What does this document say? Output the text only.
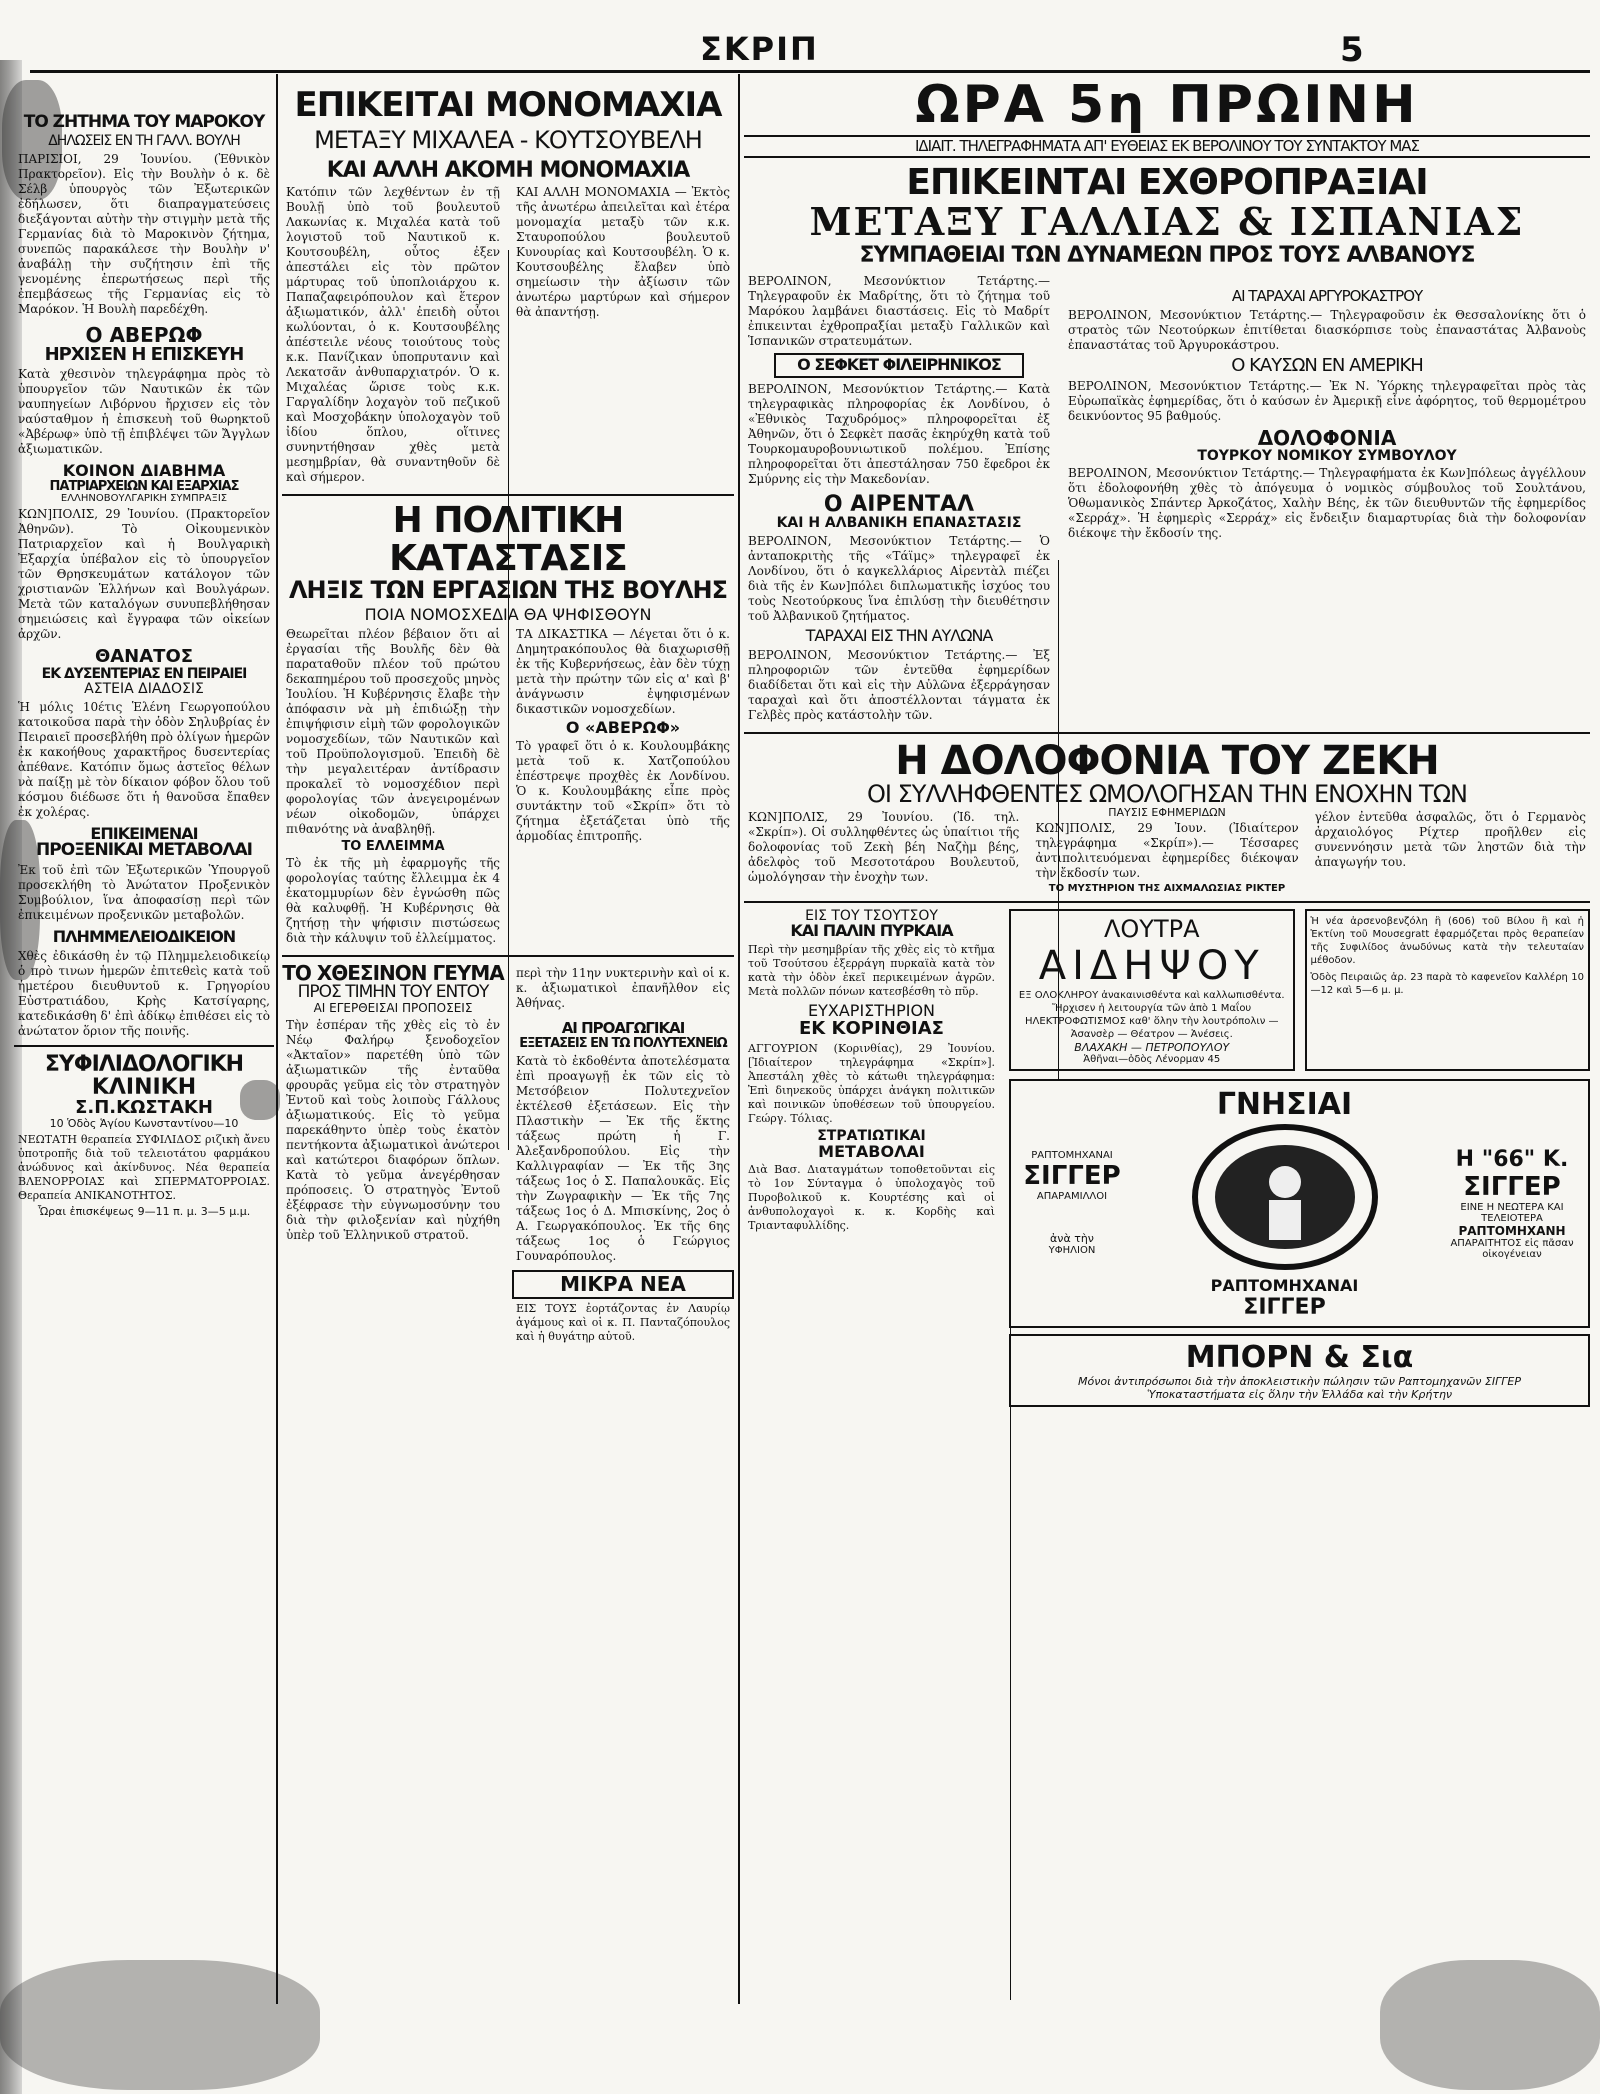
ΣΚΡΙΠ	5
ΤΟ ΖΗΤΗΜΑ ΤΟΥ ΜΑΡΟΚΟΥ
ΔΗΛΩΣΕΙΣ ΕΝ ΤΗ ΓΑΛΛ. ΒΟΥΛΗ

ΠΑΡΙΣΙΟΙ, 29 Ἰουνίου. (Ἐθνικὸν Πρακτορεῖον). Εἰς τὴν Βουλὴν ὁ κ. δὲ Σέλβ ὑπουργὸς τῶν Ἐξωτερικῶν ἐδήλωσεν, ὅτι διαπραγματεύσεις διεξάγονται αὐτὴν τὴν στιγμὴν μετὰ τῆς Γερμανίας διὰ τὸ Μαροκινὸν ζήτημα, συνεπῶς παρακάλεσε τὴν Βουλὴν ν' ἀναβάλῃ τὴν συζήτησιν ἐπὶ τῆς γενομένης ἐπερωτήσεως περὶ τῆς ἐπεμβάσεως τῆς Γερμανίας εἰς τὸ Μαρόκον. Ἡ Βουλὴ παρεδέχθη.

Ο ΑΒΕΡΩΦ
ΗΡΧΙΣΕΝ Η ΕΠΙΣΚΕΥΗ

Κατὰ χθεσινὸν τηλεγράφημα πρὸς τὸ ὑπουργεῖον τῶν Ναυτικῶν ἐκ τῶν ναυπηγείων Λιβόρνου ἤρχισεν εἰς τὸν ναύσταθμον ἡ ἐπισκευὴ τοῦ θωρηκτοῦ «Ἀβέρωφ» ὑπὸ τῇ ἐπιβλέψει τῶν Ἄγγλων ἀξιωματικῶν.

ΚΟΙΝΟΝ ΔΙΑΒΗΜΑ
ΠΑΤΡΙΑΡΧΕΙΩΝ ΚΑΙ ΕΞΑΡΧΙΑΣ
ΕΛΛΗΝΟΒΟΥΛΓΑΡΙΚΗ ΣΥΜΠΡΑΞΙΣ

ΚΩΝ]ΠΟΛΙΣ, 29 Ἰουνίου. (Πρακτορεῖον Ἀθηνῶν). Τὸ Οἰκουμενικὸν Πατριαρχεῖον καὶ ἡ Βουλγαρικὴ Ἐξαρχία ὑπέβαλον εἰς τὸ ὑπουργεῖον τῶν Θρησκευμάτων κατάλογον τῶν χριστιανῶν Ἑλλήνων καὶ Βουλγάρων. Μετὰ τῶν καταλόγων συνυπεβλήθησαν σημειώσεις καὶ ἔγγραφα τῶν οἰκείων ἀρχῶν.

ΘΑΝΑΤΟΣ
ΕΚ ΔΥΣΕΝΤΕΡΙΑΣ ΕΝ ΠΕΙΡΑΙΕΙ
ΑΣΤΕΙΑ ΔΙΑΔΟΣΙΣ

Ἡ μόλις 10έτις Ἑλένη Γεωργοπούλου κατοικοῦσα παρὰ τὴν ὁδὸν Σηλυβρίας ἐν Πειραιεῖ προσεβλήθη πρὸ ὀλίγων ἡμερῶν ἐκ κακοήθους χαρακτῆρος δυσεντερίας ἀπέθανε. Κατόπιν ὅμως ἀστεῖος θέλων νὰ παίξῃ μὲ τὸν δίκαιον φόβον ὅλου τοῦ κόσμου διέδωσε ὅτι ἡ θανοῦσα ἔπαθεν ἐκ χολέρας.

ΕΠΙΚΕΙΜΕΝΑΙ
ΠΡΟΞΕΝΙΚΑΙ ΜΕΤΑΒΟΛΑΙ

Ἐκ τοῦ ἐπὶ τῶν Ἐξωτερικῶν Ὑπουργοῦ προσεκλήθη τὸ Ἀνώτατον Προξενικὸν Συμβούλιον, ἵνα ἀποφασίσῃ περὶ τῶν ἐπικειμένων προξενικῶν μεταβολῶν.

ΠΛΗΜΜΕΛΕΙΟΔΙΚΕΙΟΝ

Χθὲς ἐδικάσθη ἐν τῷ Πλημμελειοδικείῳ ὁ πρὸ τινων ἡμερῶν ἐπιτεθεὶς κατὰ τοῦ ἡμετέρου διευθυντοῦ κ. Γρηγορίου Εὐστρατιάδου, Κρὴς Κατσίγαρης, κατεδικάσθη δ' ἐπὶ ἀδίκῳ ἐπιθέσει εἰς τὸ ἀνώτατον ὅριον τῆς ποινῆς.

ΣΥΦΙΛΙΔΟΛΟΓΙΚΗ
ΚΛΙΝΙΚΗ
Σ.Π.ΚΩΣΤΑΚΗ
10 Ὁδὸς Ἁγίου Κωνσταντίνου—10

ΝΕΩΤΑΤΗ θεραπεία ΣΥΦΙΛΙΔΟΣ ριζικὴ ἄνευ ὑποτροπῆς διὰ τοῦ τελειοτάτου φαρμάκου ἀνώδυνος καὶ ἀκίνδυνος. Νέα θεραπεία ΒΛΕΝΟΡΡΟΙΑΣ καὶ ΣΠΕΡΜΑΤΟΡΡΟΙΑΣ. Θεραπεία ΑΝΙΚΑΝΟΤΗΤΟΣ.

Ὧραι ἐπισκέψεως 9—11 π. μ. 3—5 μ.μ.
ΕΠΙΚΕΙΤΑΙ ΜΟΝΟΜΑΧΙΑ
ΜΕΤΑΞΥ ΜΙΧΑΛΕΑ - ΚΟΥΤΣΟΥΒΕΛΗ
ΚΑΙ ΑΛΛΗ ΑΚΟΜΗ ΜΟΝΟΜΑΧΙΑ

Κατόπιν τῶν λεχθέντων ἐν τῇ Βουλῇ ὑπὸ τοῦ βουλευτοῦ Λακωνίας κ. Μιχαλέα κατὰ τοῦ λογιστοῦ τοῦ Ναυτικοῦ κ. Κουτσουβέλη, οὗτος ἐξεν ἀπεστάλει εἰς τὸν πρῶτον μάρτυρας τοῦ ὑποπλοιάρχου κ. Παπαζαφειρόπουλον καὶ ἕτερον ἀξιωματικόν, ἀλλ' ἐπειδὴ οὗτοι κωλύονται, ὁ κ. Κουτσουβέλης ἀπέστειλε νέους τοιούτους τοὺς κ.κ. Πανίζικαν ὑποπρυτανιν καὶ Λεκατσᾶν ἀνθυπαρχιατρόν. Ὁ κ. Μιχαλέας ὥρισε τοὺς κ.κ. Γαργαλίδην λοχαγὸν τοῦ πεζικοῦ καὶ Μοσχοβάκην ὑπολοχαγὸν τοῦ ἰδίου ὅπλου, οἵτινες συνηντήθησαν χθὲς μετὰ μεσημβρίαν, θὰ συναντηθοῦν δὲ καὶ σήμερον.

ΚΑΙ ΑΛΛΗ ΜΟΝΟΜΑΧΙΑ — Ἐκτὸς τῆς ἀνωτέρω ἀπειλεῖται καὶ ἑτέρα μονομαχία μεταξὺ τῶν κ.κ. Σταυροπούλου βουλευτοῦ Κυνουρίας καὶ Κουτσουβέλη. Ὁ κ. Κουτσουβέλης ἔλαβεν ὑπὸ σημείωσιν τὴν ἀξίωσιν τῶν ἀνωτέρω μαρτύρων καὶ σήμερον θὰ ἀπαντήσῃ.

Η ΠΟΛΙΤΙΚΗ ΚΑΤΑΣΤΑΣΙΣ
ΛΗΞΙΣ ΤΩΝ ΕΡΓΑΣΙΩΝ ΤΗΣ ΒΟΥΛΗΣ
ΠΟΙΑ ΝΟΜΟΣΧΕΔΙΑ ΘΑ ΨΗΦΙΣΘΟΥΝ

Θεωρεῖται πλέον βέβαιον ὅτι αἱ ἐργασίαι τῆς Βουλῆς δὲν θὰ παραταθοῦν πλέον τοῦ πρώτου δεκαπημέρου τοῦ προσεχοῦς μηνὸς Ἰουλίου. Ἡ Κυβέρνησις ἔλαβε τὴν ἀπόφασιν νὰ μὴ ἐπιδιώξῃ τὴν ἐπιψήφισιν εἰμὴ τῶν φορολογικῶν νομοσχεδίων, τῶν Ναυτικῶν καὶ τοῦ Προϋπολογισμοῦ. Ἐπειδὴ δὲ τὴν μεγαλειτέραν ἀντίδρασιν προκαλεῖ τὸ νομοσχέδιον περὶ φορολογίας τῶν ἀνεγειρομένων νέων οἰκοδομῶν, ὑπάρχει πιθανότης νὰ ἀναβληθῇ.

ΤΟ ΕΛΛΕΙΜΜΑ

Τὸ ἐκ τῆς μὴ ἐφαρμογῆς τῆς φορολογίας ταύτης ἔλλειμμα ἐκ 4 ἑκατομμυρίων δὲν ἐγνώσθη πῶς θὰ καλυφθῇ. Ἡ Κυβέρνησις θὰ ζητήσῃ τὴν ψήφισιν πιστώσεως διὰ τὴν κάλυψιν τοῦ ἐλλείμματος.

ΤΑ ΔΙΚΑΣΤΙΚΑ — Λέγεται ὅτι ὁ κ. Δημητρακόπουλος θὰ διαχωρισθῇ ἐκ τῆς Κυβερνήσεως, ἐὰν δὲν τύχῃ μετὰ τὴν πρώτην τῶν εἰς α' καὶ β' ἀνάγνωσιν ἐψηφισμένων δικαστικῶν νομοσχεδίων.

Ο «ΑΒΕΡΩΦ»

Τὸ γραφεῖ ὅτι ὁ κ. Κουλουμβάκης μετὰ τοῦ κ. Χατζοπούλου ἐπέστρεψε προχθὲς ἐκ Λονδίνου. Ὁ κ. Κουλουμβάκης εἶπε πρὸς συντάκτην τοῦ «Σκρίπ» ὅτι τὸ ζήτημα ἐξετάζεται ὑπὸ τῆς ἁρμοδίας ἐπιτροπῆς.

ΤΟ ΧΘΕΣΙΝΟΝ ΓΕΥΜΑ
ΠΡΟΣ ΤΙΜΗΝ ΤΟΥ ΕΝΤΟΥ
ΑΙ ΕΓΕΡΘΕΙΣΑΙ ΠΡΟΠΟΣΕΙΣ

Τὴν ἑσπέραν τῆς χθὲς εἰς τὸ ἐν Νέῳ Φαλήρῳ ξενοδοχεῖον «Ἀκταῖον» παρετέθη ὑπὸ τῶν ἀξιωματικῶν τῆς ἐνταῦθα φρουρᾶς γεῦμα εἰς τὸν στρατηγὸν Ἐντοῦ καὶ τοὺς λοιποὺς Γάλλους ἀξιωματικούς. Εἰς τὸ γεῦμα παρεκάθηντο ὑπὲρ τοὺς ἑκατὸν πεντήκοντα ἀξιωματικοὶ ἀνώτεροι καὶ κατώτεροι διαφόρων ὅπλων. Κατὰ τὸ γεῦμα ἀνεγέρθησαν πρόποσεις. Ὁ στρατηγὸς Ἐντοῦ ἐξέφρασε τὴν εὐγνωμοσύνην του διὰ τὴν φιλοξενίαν καὶ ηὐχήθη ὑπὲρ τοῦ Ἑλληνικοῦ στρατοῦ.

περὶ τὴν 11ην νυκτερινὴν καὶ οἱ κ. κ. ἀξιωματικοὶ ἐπανῆλθον εἰς Ἀθήνας.

ΑΙ ΠΡΟΑΓΩΓΙΚΑΙ
ΕΞΕΤΑΣΕΙΣ ΕΝ ΤΩ ΠΟΛΥΤΕΧΝΕΙΩ

Κατὰ τὸ ἐκδοθέντα ἀποτελέσματα ἐπὶ προαγωγῇ ἐκ τῶν εἰς τὸ Μετσόβειον Πολυτεχνεῖον ἐκτέλεσθ ἐξετάσεων. Εἰς τὴν Πλαστικὴν — Ἐκ τῆς ἕκτης τάξεως πρώτη ἡ Γ. Ἀλεξανδροπούλου. Εἰς τὴν Καλλιγραφίαν — Ἐκ τῆς 3ης τάξεως 1ος ὁ Σ. Παπαλουκᾶς. Εἰς τὴν Ζωγραφικὴν — Ἐκ τῆς 7ης τάξεως 1ος ὁ Δ. Μπισκίνης, 2ος ὁ Α. Γεωργακόπουλος. Ἐκ τῆς 6ης τάξεως 1ος ὁ Γεώργιος Γουναρόπουλος.

ΜΙΚΡΑ ΝΕΑ

ΕΙΣ ΤΟΥΣ ἐορτάζοντας ἐν Λαυρίῳ ἀγάμους καὶ οἱ κ. Π. Πανταζόπουλος καὶ ἡ θυγάτηρ αὐτοῦ.

ΩΡΑ 5η ΠΡΩΙΝΗ
ΙΔΙΑΙΤ. ΤΗΛΕΓΡΑΦΗΜΑΤΑ ΑΠ' ΕΥΘΕΙΑΣ ΕΚ ΒΕΡΟΛΙΝΟΥ ΤΟΥ ΣΥΝΤΑΚΤΟΥ ΜΑΣ
ΕΠΙΚΕΙΝΤΑΙ ΕΧΘΡΟΠΡΑΞΙΑΙ
ΜΕΤΑΞΥ ΓΑΛΛΙΑΣ & ΙΣΠΑΝΙΑΣ
ΣΥΜΠΑΘΕΙΑΙ ΤΩΝ ΔΥΝΑΜΕΩΝ ΠΡΟΣ ΤΟΥΣ ΑΛΒΑΝΟΥΣ

ΒΕΡΟΛΙΝΟΝ, Μεσονύκτιον Τετάρτης.— Τηλεγραφοῦν ἐκ Μαδρίτης, ὅτι τὸ ζήτημα τοῦ Μαρόκου λαμβάνει διαστάσεις. Εἰς τὸ Μαδρίτ ἐπικεινται ἐχθροπραξίαι μεταξὺ Γαλλικῶν καὶ Ἱσπανικῶν στρατευμάτων.

Ο ΣΕΦΚΕΤ ΦΙΛΕΙΡΗΝΙΚΟΣ

ΒΕΡΟΛΙΝΟΝ, Μεσονύκτιον Τετάρτης.— Κατὰ τηλεγραφικὰς πληροφορίας ἐκ Λονδίνου, ὁ «Ἐθνικὸς Ταχυδρόμος» πληροφορεῖται ἐξ Ἀθηνῶν, ὅτι ὁ Σεφκὲτ πασᾶς ἐκηρύχθη κατὰ τοῦ Τουρκομαυροβουνιωτικοῦ πολέμου. Ἐπίσης πληροφορεῖται ὅτι ἀπεστάλησαν 750 ἔφεδροι ἐκ Σμύρνης εἰς τὴν Μακεδονίαν.

Ο ΑΙΡΕΝΤΑΛ
ΚΑΙ Η ΑΛΒΑΝΙΚΗ ΕΠΑΝΑΣΤΑΣΙΣ

ΒΕΡΟΛΙΝΟΝ, Μεσονύκτιον Τετάρτης.— Ὁ ἀνταποκριτὴς τῆς «Τάϊμς» τηλεγραφεῖ ἐκ Λονδίνου, ὅτι ὁ καγκελλάριος Αἰρεντὰλ πιέζει διὰ τῆς ἐν Κων]πόλει διπλωματικῆς ἰσχύος του τοὺς Νεοτούρκους ἵνα ἐπιλύσῃ τὴν διευθέτησιν τοῦ Ἀλβανικοῦ ζητήματος.

ΤΑΡΑΧΑΙ ΕΙΣ ΤΗΝ ΑΥΛΩΝΑ

ΒΕΡΟΛΙΝΟΝ, Μεσονύκτιον Τετάρτης.— Ἐξ πληροφοριῶν τῶν ἐντεῦθα ἐφημερίδων διαδίδεται ὅτι καὶ εἰς τὴν Αὐλῶνα ἐξερράγησαν ταραχαὶ καὶ ὅτι ἀποστέλλονται τάγματα ἐκ Γελβὲς πρὸς κατάστολὴν τῶν.

ΑΙ ΤΑΡΑΧΑΙ ΑΡΓΥΡΟΚΑΣΤΡΟΥ

ΒΕΡΟΛΙΝΟΝ, Μεσονύκτιον Τετάρτης.— Τηλεγραφοῦσιν ἐκ Θεσσαλονίκης ὅτι ὁ στρατὸς τῶν Νεοτούρκων ἐπιτίθεται διασκόρπισε τοὺς ἐπαναστάτας Ἀλβανοὺς ἐπαναστάτας τοῦ Ἀργυροκάστρου.

Ο ΚΑΥΣΩΝ ΕΝ ΑΜΕΡΙΚΗ

ΒΕΡΟΛΙΝΟΝ, Μεσονύκτιον Τετάρτης.— Ἐκ Ν. Ὑόρκης τηλεγραφεῖται πρὸς τὰς Εὐρωπαϊκὰς ἐφημερίδας, ὅτι ὁ καύσων ἐν Ἀμερικῇ εἶνε ἀφόρητος, τοῦ θερμομέτρου δεικνύοντος 95 βαθμούς.

ΔΟΛΟΦΟΝΙΑ
ΤΟΥΡΚΟΥ ΝΟΜΙΚΟΥ ΣΥΜΒΟΥΛΟΥ

ΒΕΡΟΛΙΝΟΝ, Μεσονύκτιον Τετάρτης.— Τηλεγραφήματα ἐκ Κων]πόλεως ἀγγέλλουν ὅτι ἐδολοφονήθη χθὲς τὸ ἀπόγευμα ὁ νομικὸς σύμβουλος τοῦ Σουλτάνου, Ὁθωμανικὸς Σπάντερ Ἀρκοζάτος, Χαλὴν Βέης, ἐκ τῶν διευθυντῶν τῆς ἐφημερίδος «Σερράχ». Ἡ ἐφημερὶς «Σερράχ» εἰς ἔνδειξιν διαμαρτυρίας διὰ τὴν δολοφονίαν διέκοψε τὴν ἔκδοσίν της.

Η ΔΟΛΟΦΟΝΙΑ ΤΟΥ ΖΕΚΗ
ΟΙ ΣΥΛΛΗΦΘΕΝΤΕΣ ΩΜΟΛΟΓΗΣΑΝ ΤΗΝ ΕΝΟΧΗΝ ΤΩΝ

ΚΩΝ]ΠΟΛΙΣ, 29 Ἰουνίου. (Ἰδ. τηλ. «Σκρίπ»). Οἱ συλληφθέντες ὡς ὑπαίτιοι τῆς δολοφονίας τοῦ Ζεκὴ βέη Ναζὴμ βέης, ἀδελφὸς τοῦ Μεσοτοτάρου Βουλευτοῦ, ὡμολόγησαν τὴν ἐνοχὴν των.

ΠΑΥΣΙΣ ΕΦΗΜΕΡΙΔΩΝ

ΚΩΝ]ΠΟΛΙΣ, 29 Ἰουν. (Ἰδιαίτερον τηλεγράφημα «Σκρίπ»).— Τέσσαρες ἀντιπολιτευόμεναι ἐφημερίδες διέκοψαν τὴν ἔκδοσίν των.

ΤΟ ΜΥΣΤΗΡΙΟΝ ΤΗΣ ΑΙΧΜΑΛΩΣΙΑΣ ΡΙΚΤΕΡ

γέλον ἐντεῦθα ἀσφαλῶς, ὅτι ὁ Γερμανὸς ἀρχαιολόγος Ρίχτερ προῆλθεν εἰς συνεννόησιν μετὰ τῶν ληστῶν διὰ τὴν ἀπαγωγήν του.

ΕΙΣ ΤΟΥ ΤΣΟΥΤΣΟΥ
ΚΑΙ ΠΑΛΙΝ ΠΥΡΚΑΙΑ

Περὶ τὴν μεσημβρίαν τῆς χθὲς εἰς τὸ κτῆμα τοῦ Τσούτσου ἐξερράγη πυρκαϊὰ κατὰ τὸν κατὰ τὴν ὁδὸν ἐκεῖ περικειμένων ἀγρῶν. Μετὰ πολλῶν πόνων κατεσβέσθη τὸ πῦρ.

ΕΥΧΑΡΙΣΤΗΡΙΟΝ
ΕΚ ΚΟΡΙΝΘΙΑΣ

ΑΓΓΟΥΡΙΟΝ (Κορινθίας), 29 Ἰουνίου. [Ἰδιαίτερον τηλεγράφημα «Σκρίπ»]. Ἀπεστάλη χθὲς τὸ κάτωθι τηλεγράφημα: Ἐπὶ διηνεκοῦς ὑπάρχει ἀνάγκη πολιτικῶν καὶ ποινικῶν ὑποθέσεων τοῦ ὑπουργείου. Γεώργ. Τόλιας.

ΣΤΡΑΤΙΩΤΙΚΑΙ
ΜΕΤΑΒΟΛΑΙ

Διὰ Βασ. Διαταγμάτων τοποθετοῦνται εἰς τὸ 1ον Σύνταγμα ὁ ὑπολοχαγὸς τοῦ Πυροβολικοῦ κ. Κουρτέσης καὶ οἱ ἀνθυπολοχαγοὶ κ. κ. Κορδὴς καὶ Τριανταφυλλίδης.

ΛΟΥΤΡΑ
ΑΙΔΗΨΟΥ
ΕΞ ΟΛΟΚΛΗΡΟΥ ἀνακαινισθέντα καὶ καλλωπισθέντα. Ἤρχισεν ἡ λειτουργία τῶν ἀπὸ 1 Μαΐου ΗΛΕΚΤΡΟΦΩΤΙΣΜΟΣ καθ' ὅλην τὴν λουτρόπολιν — Ἀσανσὲρ — Θέατρον — Ἀνέσεις.
ΒΛΑΧΑΚΗ — ΠΕΤΡΟΠΟΥΛΟΥ
Ἀθῆναι—ὁδὸς Λένορμαν 45
Ἡ νέα ἀρσενοβενζόλη ἢ (606) τοῦ Βίλου ἢ καὶ ἡ Ἐκτίνη τοῦ Μουσεgratt ἐφαρμόζεται πρὸς θεραπείαν τῆς Συφιλίδος ἀνωδύνως κατὰ τὴν τελευταίαν μέθοδον.
Ὁδὸς Πειραιῶς ἀρ. 23 παρὰ τὸ καφενεῖον Καλλέρη 10—12 καὶ 5—6 μ. μ.
ΡΑΠΤΟΜΗΧΑΝΑΙ
ΣΙΓΓΕΡ
ΑΠΑΡΑΜΙΛΛΟΙ
ἀνὰ τὴν
ΥΦΗΛΙΟΝ
ΓΝΗΣΙΑΙ
ΡΑΠΤΟΜΗΧΑΝΑΙ
ΣΙΓΓΕΡ
Η "66" Κ.
ΣΙΓΓΕΡ
ΕΙΝΕ Η ΝΕΩΤΕΡΑ ΚΑΙ ΤΕΛΕΙΟΤΕΡΑ
ΡΑΠΤΟΜΗΧΑΝΗ
ΑΠΑΡΑΙΤΗΤΟΣ εἰς πᾶσαν οἰκογένειαν
ΜΠΟΡΝ & Σια
Μόνοι ἀντιπρόσωποι διὰ τὴν ἀποκλειστικὴν πώλησιν τῶν Ραπτομηχανῶν ΣΙΓΓΕΡ
Ὑποκαταστήματα εἰς ὅλην τὴν Ἑλλάδα καὶ τὴν Κρήτην
